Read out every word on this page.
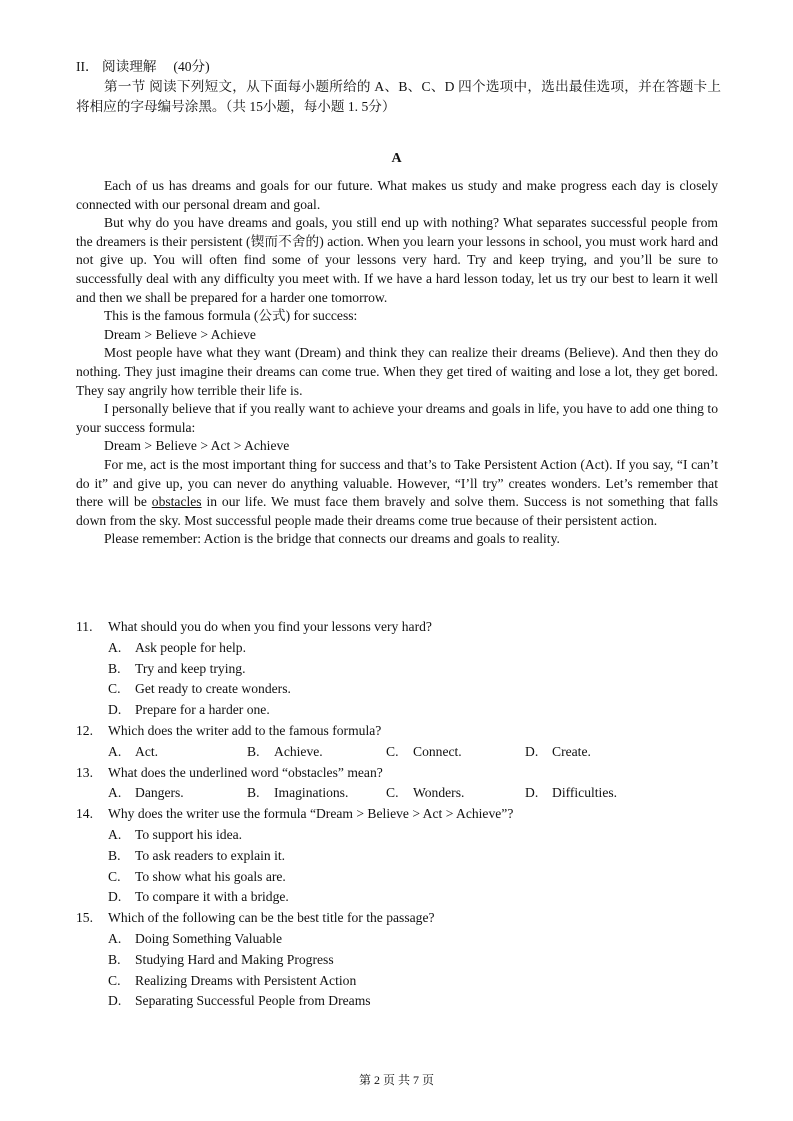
II． 阅读理解　 (40分)
第一节 阅读下列短文，从下面每小题所给的 A、B、C、D 四个选项中，选出最佳选项，并在答题卡上将相应的字母编号涂黑。（共 15小题，每小题 1. 5分）
A

Each of us has dreams and goals for our future. What makes us study and make progress each day is closely connected with our personal dream and goal.

But why do you have dreams and goals, you still end up with nothing? What separates successful people from the dreamers is their persistent (锲而不舍的) action. When you learn your lessons in school, you must work hard and not give up. You will often find some of your lessons very hard. Try and keep trying, and you’ll be sure to successfully deal with any difficulty you meet with. If we have a hard lesson today, let us try our best to learn it well and then we shall be prepared for a harder one tomorrow.

This is the famous formula (公式) for success:

Dream > Believe > Achieve

Most people have what they want (Dream) and think they can realize their dreams (Believe). And then they do nothing. They just imagine their dreams can come true. When they get tired of waiting and lose a lot, they get bored. They say angrily how terrible their life is.

I personally believe that if you really want to achieve your dreams and goals in life, you have to add one thing to your success formula:

Dream > Believe > Act > Achieve

For me, act is the most important thing for success and that’s to Take Persistent Action (Act). If you say, “I can’t do it” and give up, you can never do anything valuable. However, “I’ll try” creates wonders. Let’s remember that there will be obstacles in our life. We must face them bravely and solve them. Success is not something that falls down from the sky. Most successful people made their dreams come true because of their persistent action.

Please remember: Action is the bridge that connects our dreams and goals to reality.

11.	What should you do when you find your lessons very hard?
A.	Ask people for help.
B.	Try and keep trying.
C.	Get ready to create wonders.
D.	Prepare for a harder one.
12.	Which does the writer add to the famous formula?
A.	Act.	B.	Achieve.	C.	Connect.	D.	Create.
13.	What does the underlined word “obstacles” mean?
A.	Dangers.	B.	Imaginations.	C.	Wonders.	D.	Difficulties.
14.	Why does the writer use the formula “Dream > Believe > Act > Achieve”?
A.	To support his idea.
B.	To ask readers to explain it.
C.	To show what his goals are.
D.	To compare it with a bridge.
15.	Which of the following can be the best title for the passage?
A.	Doing Something Valuable
B.	Studying Hard and Making Progress
C.	Realizing Dreams with Persistent Action
D.	Separating Successful People from Dreams
第 2 页 共 7 页
